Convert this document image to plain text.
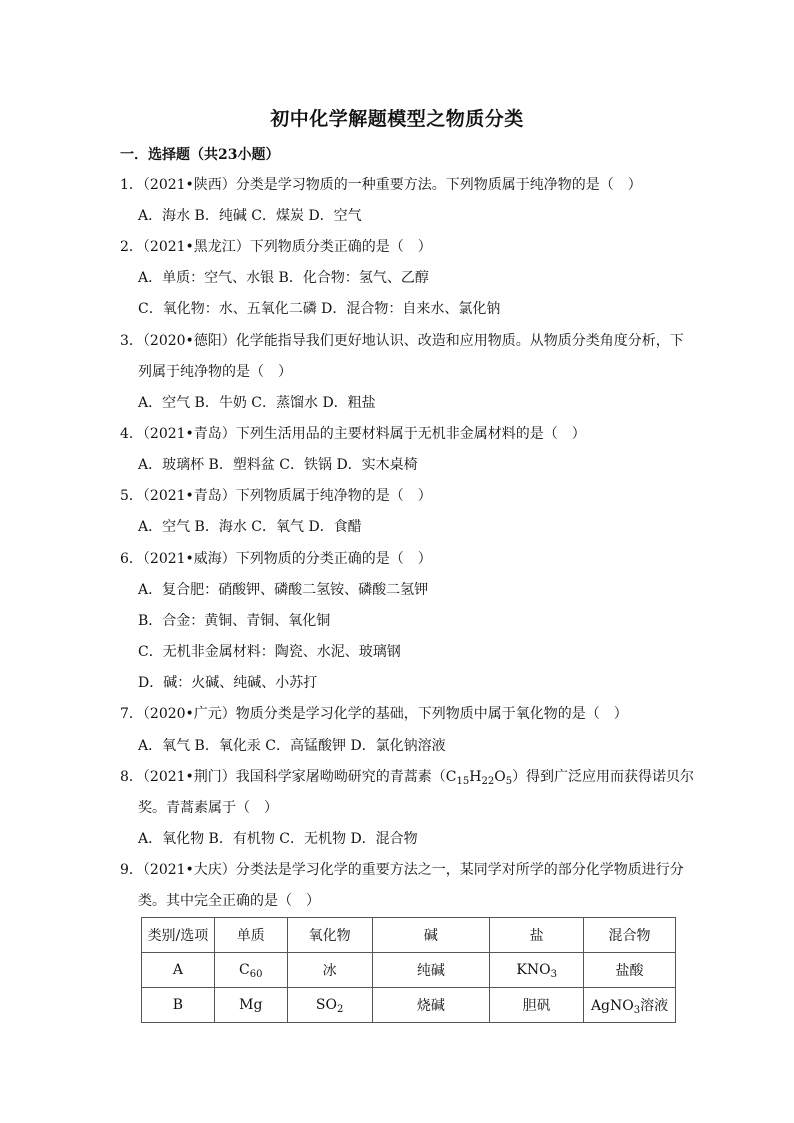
初中化学解题模型之物质分类
一．选择题（共23小题）
1．（2021•陕西）分类是学习物质的一种重要方法。下列物质属于纯净物的是（　）
A．海水 B．纯碱 C．煤炭 D．空气
2．（2021•黑龙江）下列物质分类正确的是（　）
A．单质：空气、水银 B．化合物：氢气、乙醇
C．氧化物：水、五氧化二磷 D．混合物：自来水、氯化钠
3．（2020•德阳）化学能指导我们更好地认识、改造和应用物质。从物质分类角度分析，下
列属于纯净物的是（　）
A．空气 B．牛奶 C．蒸馏水 D．粗盐
4．（2021•青岛）下列生活用品的主要材料属于无机非金属材料的是（　）
A．玻璃杯 B．塑料盆 C．铁锅 D．实木桌椅
5．（2021•青岛）下列物质属于纯净物的是（　）
A．空气 B．海水 C．氧气 D．食醋
6．（2021•威海）下列物质的分类正确的是（　）
A．复合肥：硝酸钾、磷酸二氢铵、磷酸二氢钾
B．合金：黄铜、青铜、氧化铜
C．无机非金属材料：陶瓷、水泥、玻璃钢
D．碱：火碱、纯碱、小苏打
7．（2020•广元）物质分类是学习化学的基础，下列物质中属于氧化物的是（　）
A．氧气 B．氧化汞 C．高锰酸钾 D．氯化钠溶液
8．（2021•荆门）我国科学家屠呦呦研究的青蒿素$(C_{15}H_{22}O_5)$得到广泛应用而获得诺贝尔
奖。青蒿素属于（　）
A．氧化物 B．有机物 C．无机物 D．混合物
9．（2021•大庆）分类法是学习化学的重要方法之一，某同学对所学的部分化学物质进行分
类。其中完全正确的是（　）
类别/选项	单质	氧化物	碱	盐	混合物
A	$C_{60}$	冰	纯碱	$KNO_3$	盐酸
B	Mg	$SO_2$	烧碱	胆矾	AgNO$_3$溶液
